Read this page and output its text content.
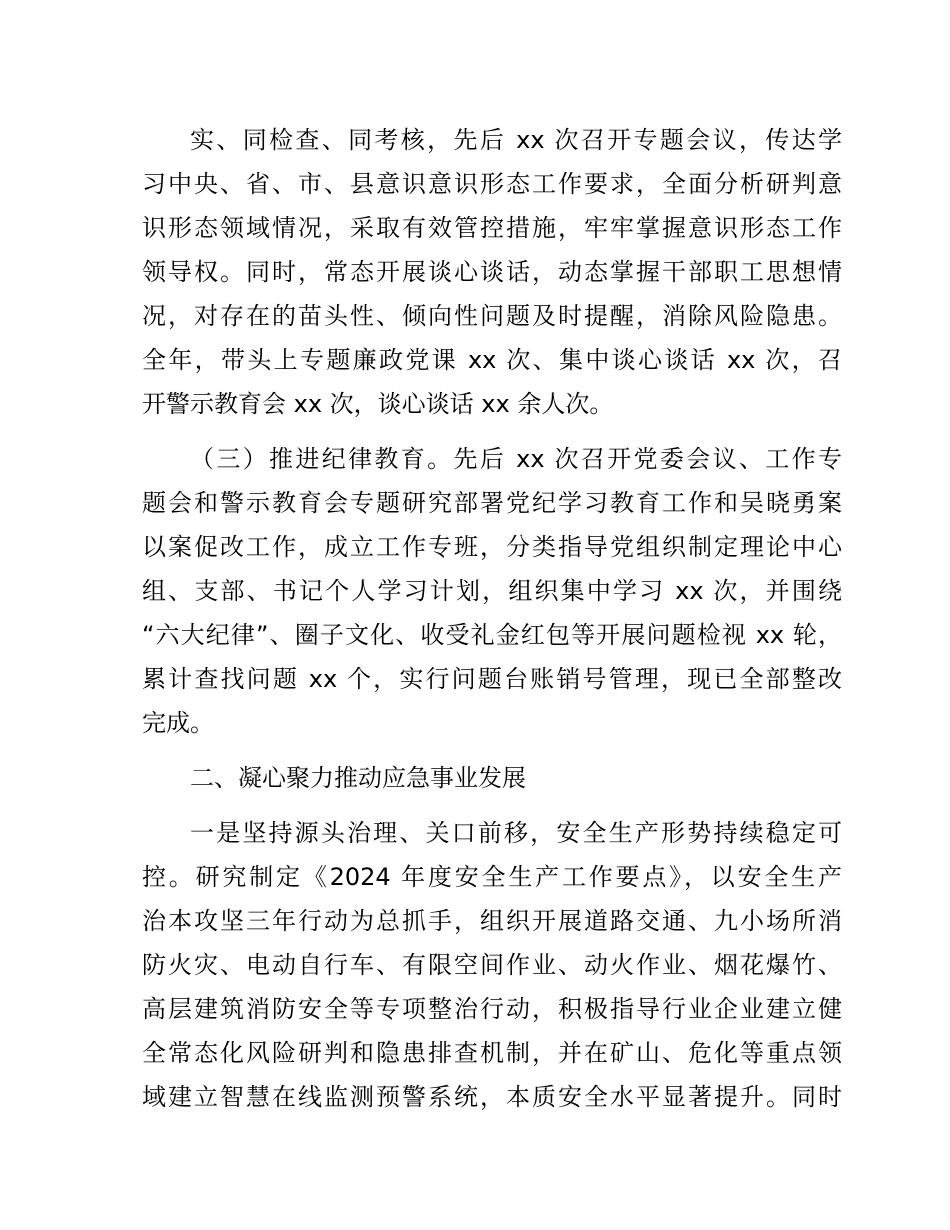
实、同检查、同考核，先后 xx 次召开专题会议，传达学
习中央、省、市、县意识意识形态工作要求，全面分析研判意
识形态领域情况，采取有效管控措施，牢牢掌握意识形态工作
领导权。同时，常态开展谈心谈话，动态掌握干部职工思想情
况，对存在的苗头性、倾向性问题及时提醒，消除风险隐患。
全年，带头上专题廉政党课 xx 次、集中谈心谈话 xx 次，召
开警示教育会 xx 次，谈心谈话 xx 余人次。
（三）推进纪律教育。先后 xx 次召开党委会议、工作专
题会和警示教育会专题研究部署党纪学习教育工作和吴晓勇案
以案促改工作，成立工作专班，分类指导党组织制定理论中心
组、支部、书记个人学习计划，组织集中学习 xx 次，并围绕
“六大纪律”、圈子文化、收受礼金红包等开展问题检视 xx 轮，
累计查找问题 xx 个，实行问题台账销号管理，现已全部整改
完成。
二、凝心聚力推动应急事业发展
一是坚持源头治理、关口前移，安全生产形势持续稳定可
控。研究制定《2024 年度安全生产工作要点》，以安全生产
治本攻坚三年行动为总抓手，组织开展道路交通、九小场所消
防火灾、电动自行车、有限空间作业、动火作业、烟花爆竹、
高层建筑消防安全等专项整治行动，积极指导行业企业建立健
全常态化风险研判和隐患排查机制，并在矿山、危化等重点领
域建立智慧在线监测预警系统，本质安全水平显著提升。同时
